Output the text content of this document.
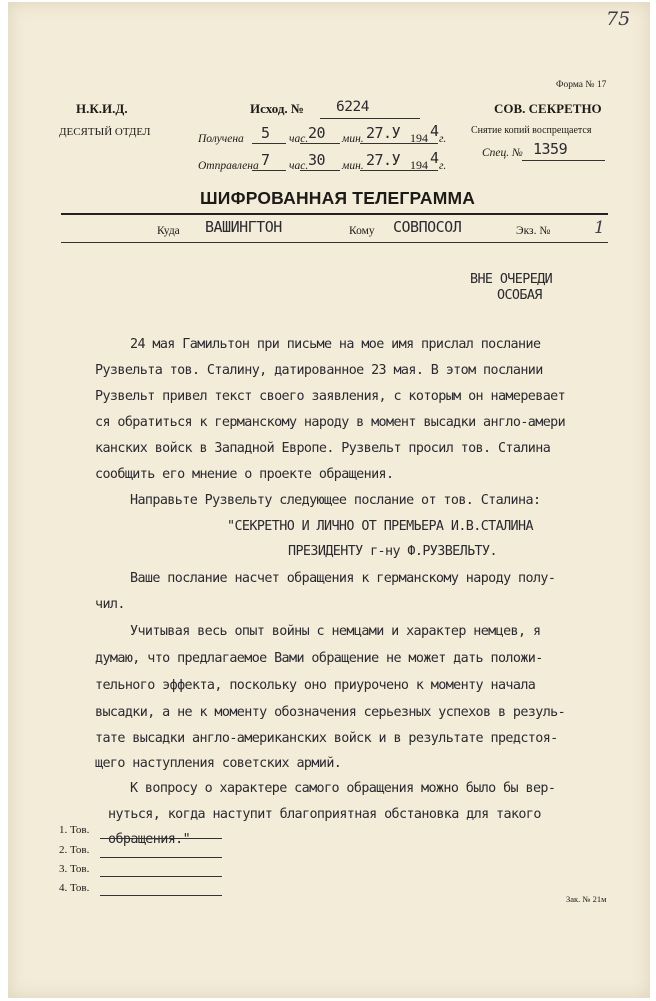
75
Форма № 17
Н.К.И.Д.
ДЕСЯТЫЙ ОТДЕЛ
Исход. № 6224	СОВ. СЕКРЕТНО
Снятие копий воспрещается
Спец. № 1359
Получена 5 час. 20 мин. 27.У 194 4 г.
Отправлена 7 час. 30 мин. 27.У 194 4 г.
ШИФРОВАННАЯ ТЕЛЕГРАММА
Куда ВАШИНГТОН	Кому СОВПОСОЛ	Экз. №	1
ВНЕ ОЧЕРЕДИ
ОСОБАЯ
24 мая Гамильтон при письме на мое имя прислал послание
Рузвельта тов. Сталину, датированное 23 мая. В этом послании
Рузвельт привел текст своего заявления, с которым он намеревает
ся обратиться к германскому народу в момент высадки англо-амери
канских войск в Западной Европе. Рузвельт просил тов. Сталина
сообщить его мнение о проекте обращения.
Направьте Рузвельту следующее послание от тов. Сталина:
"СЕКРЕТНО И ЛИЧНО ОТ ПРЕМЬЕРА И.В.СТАЛИНА
ПРЕЗИДЕНТУ г-ну Ф.РУЗВЕЛЬТУ.
Ваше послание насчет обращения к германскому народу полу-
чил.
Учитывая весь опыт войны с немцами и характер немцев, я
думаю, что предлагаемое Вами обращение не может дать положи-
тельного эффекта, поскольку оно приурочено к моменту начала
высадки, а не к моменту обозначения серьезных успехов в резуль-
тате высадки англо-американских войск и в результате предстоя-
щего наступления советских армий.
К вопросу о характере самого обращения можно было бы вер-
нуться, когда наступит благоприятная обстановка для такого
обращения."
1. Тов.
2. Тов.
3. Тов.
4. Тов.
Зак. № 21м
